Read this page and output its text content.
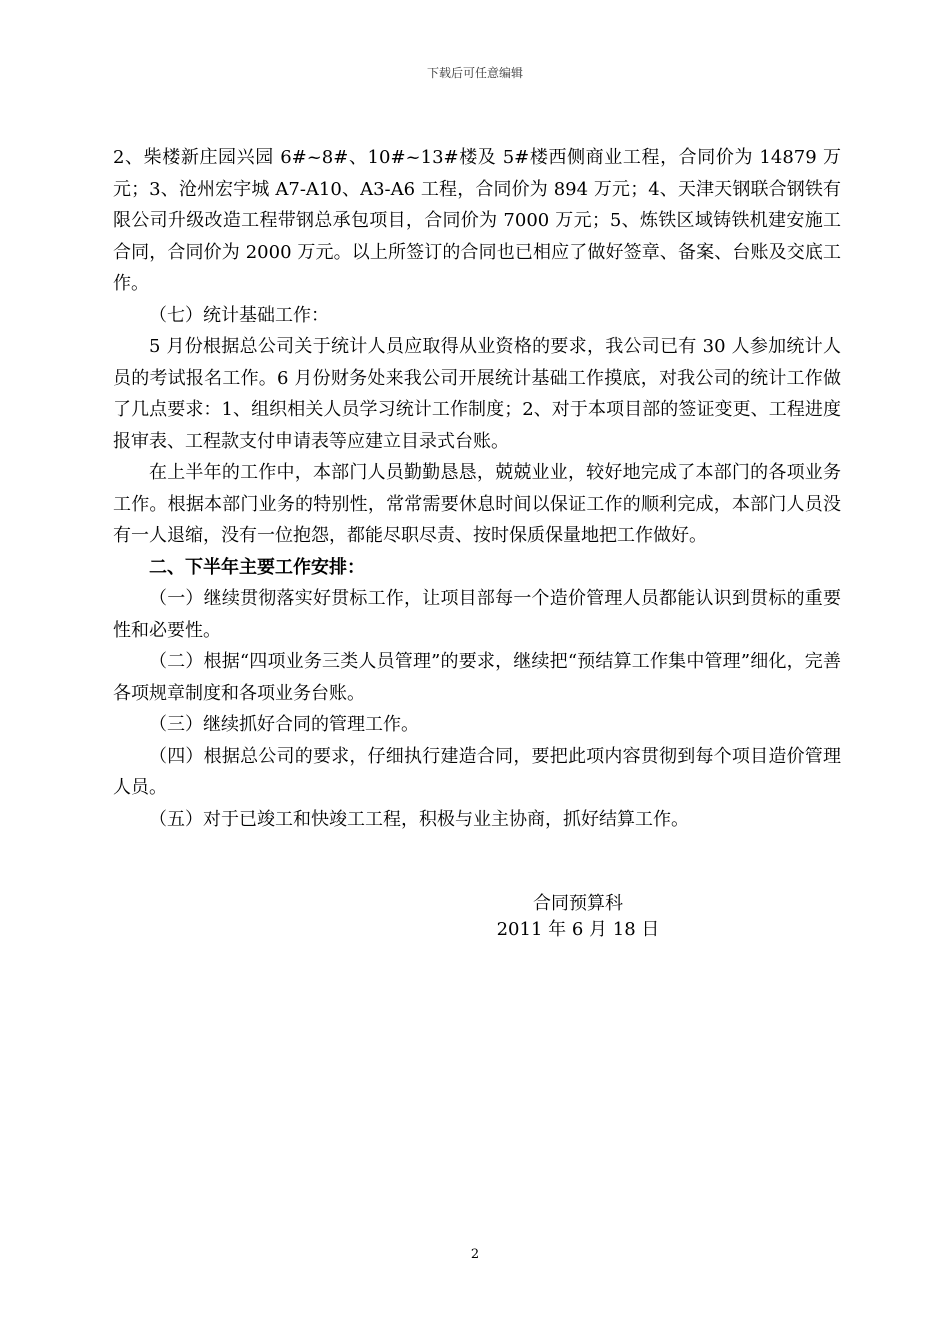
下载后可任意编辑

2、柴楼新庄园兴园 6#~8#、10#~13#楼及 5#楼西侧商业工程，合同价为 14879 万元；3、沧州宏宇城 A7-A10、A3-A6 工程，合同价为 894 万元；4、天津天钢联合钢铁有限公司升级改造工程带钢总承包项目，合同价为 7000 万元；5、炼铁区域铸铁机建安施工合同，合同价为 2000 万元。以上所签订的合同也已相应了做好签章、备案、台账及交底工作。

（七）统计基础工作：

5 月份根据总公司关于统计人员应取得从业资格的要求，我公司已有 30 人参加统计人员的考试报名工作。6 月份财务处来我公司开展统计基础工作摸底，对我公司的统计工作做了几点要求：1、组织相关人员学习统计工作制度；2、对于本项目部的签证变更、工程进度报审表、工程款支付申请表等应建立目录式台账。

在上半年的工作中，本部门人员勤勤恳恳，兢兢业业，较好地完成了本部门的各项业务工作。根据本部门业务的特别性，常常需要休息时间以保证工作的顺利完成，本部门人员没有一人退缩，没有一位抱怨，都能尽职尽责、按时保质保量地把工作做好。

二、下半年主要工作安排：

（一）继续贯彻落实好贯标工作，让项目部每一个造价管理人员都能认识到贯标的重要性和必要性。

（二）根据“四项业务三类人员管理”的要求，继续把“预结算工作集中管理”细化，完善各项规章制度和各项业务台账。

（三）继续抓好合同的管理工作。

（四）根据总公司的要求，仔细执行建造合同，要把此项内容贯彻到每个项目造价管理人员。

（五）对于已竣工和快竣工工程，积极与业主协商，抓好结算工作。

合同预算科
2011 年 6 月 18 日
2
